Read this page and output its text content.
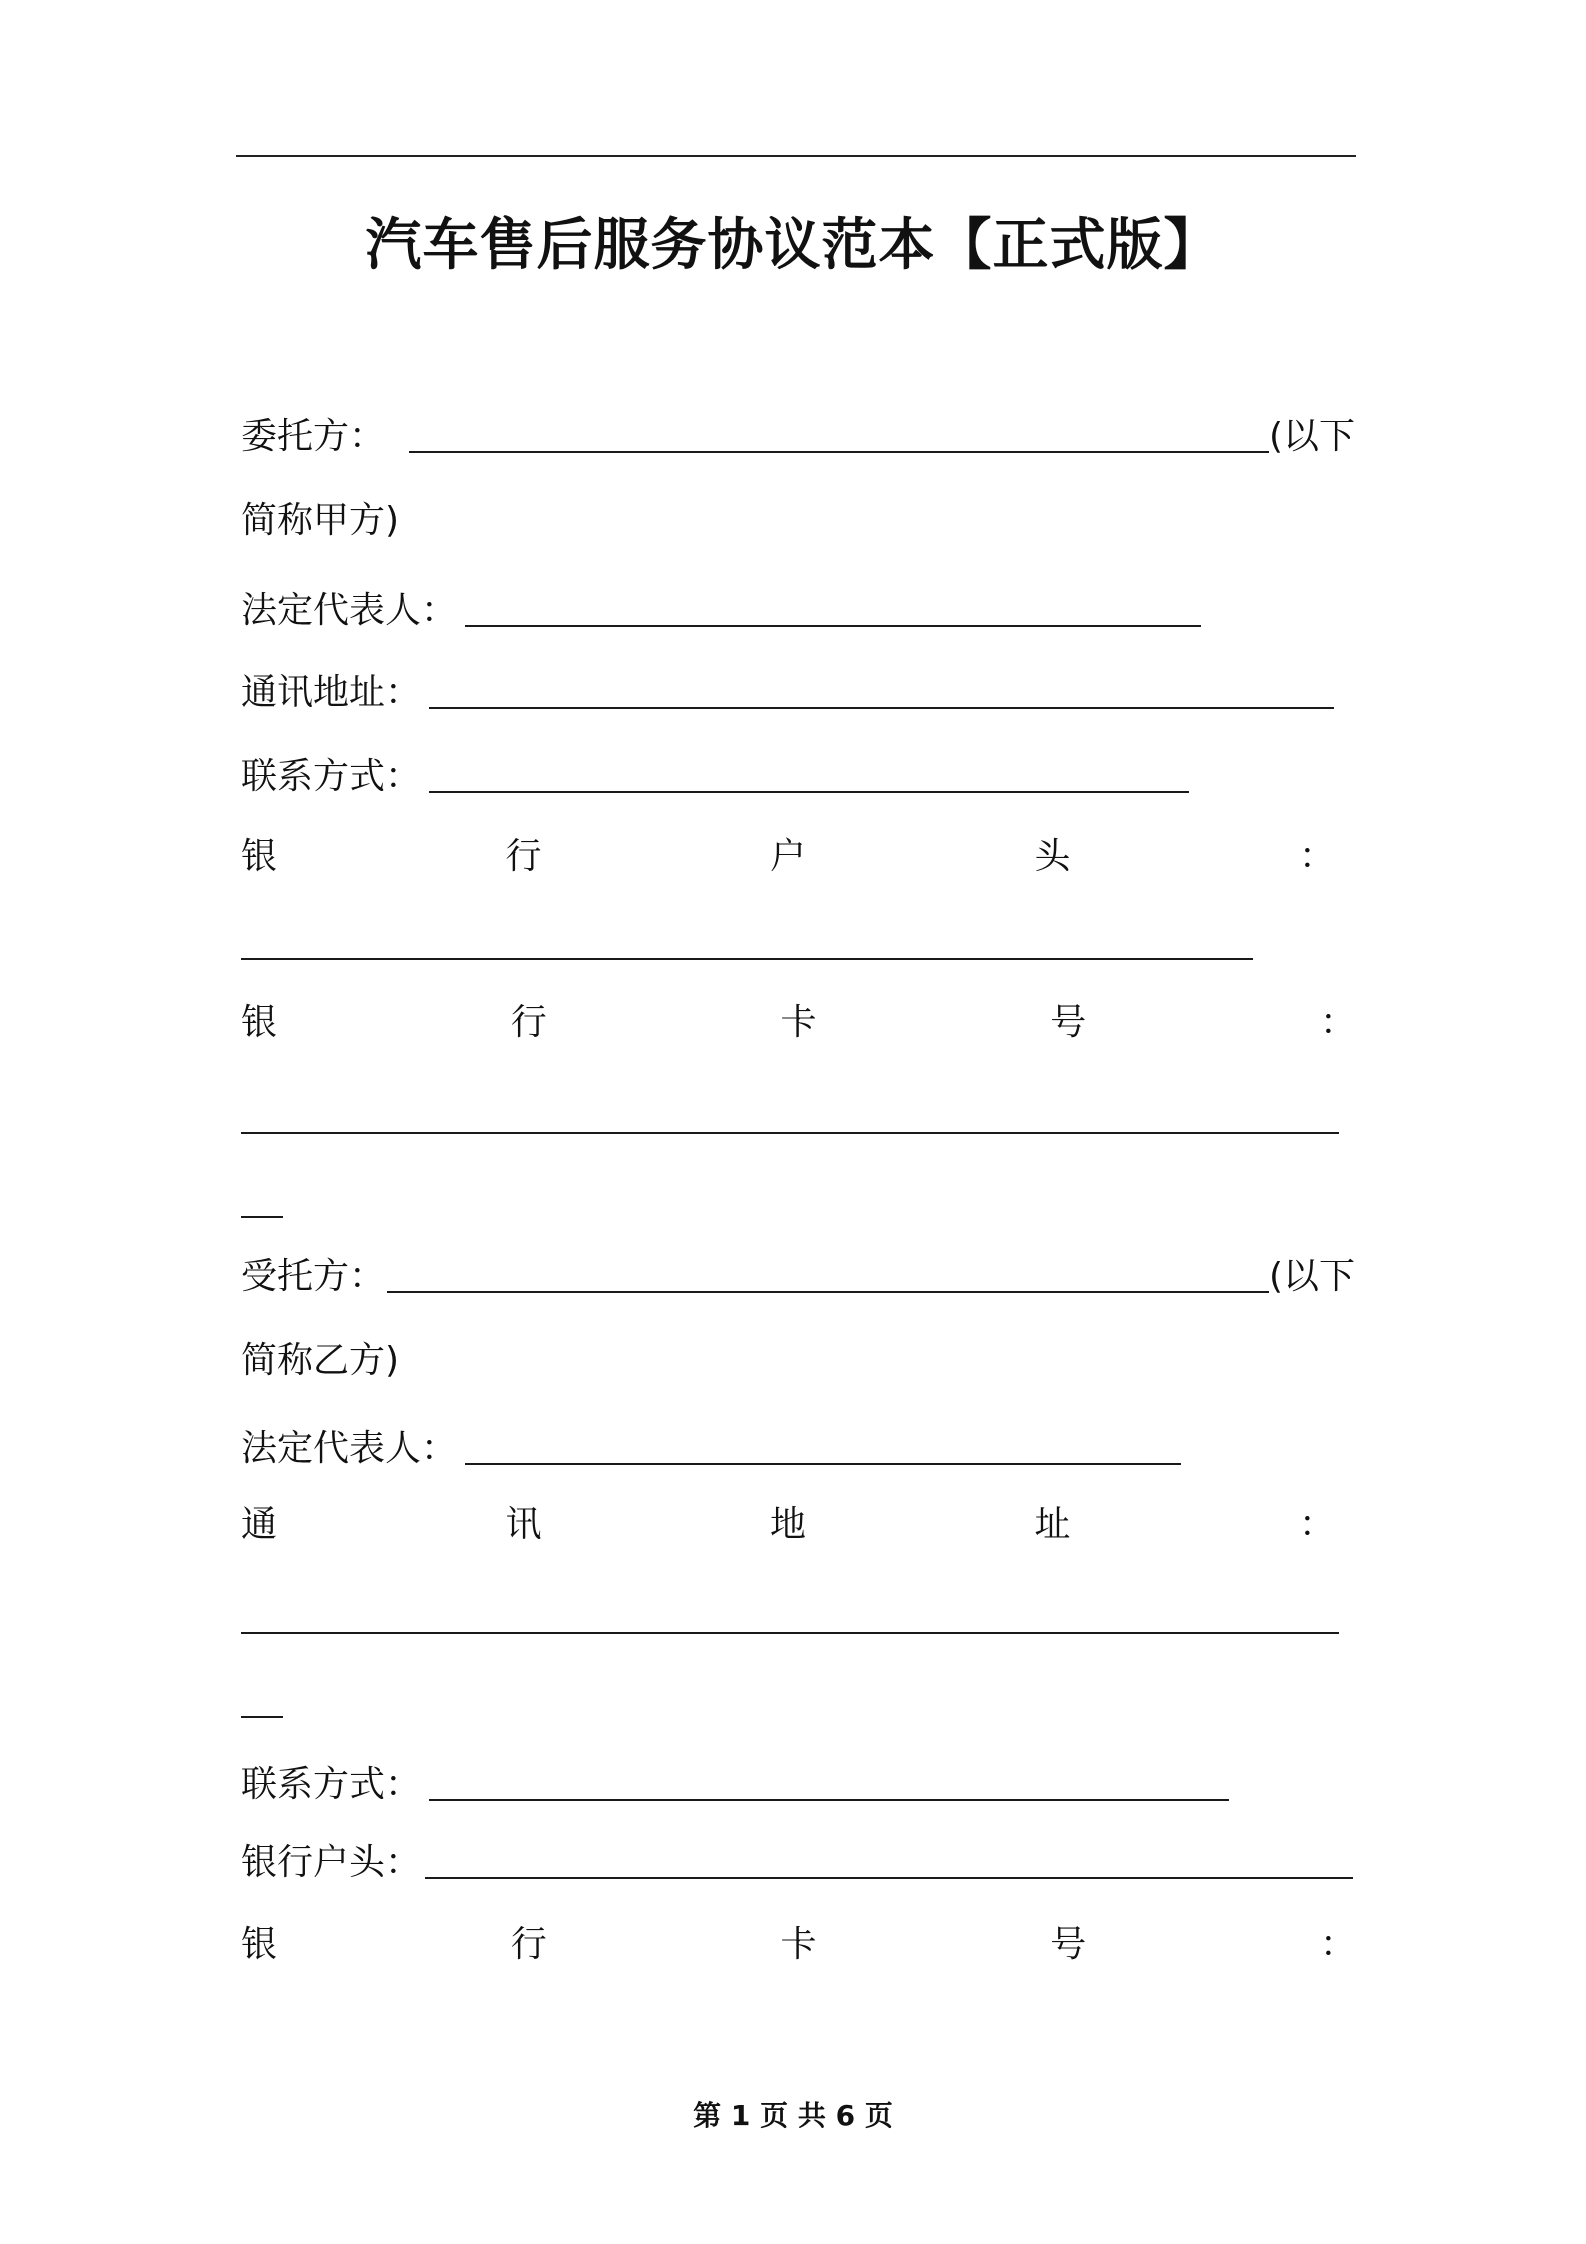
汽车售后服务协议范本【正式版】
委托方：	(以下
简称甲方)
法定代表人：
通讯地址：
联系方式：
银	行	户	头	：
银	行	卡	号	：
受托方：	(以下
简称乙方)
法定代表人：
通	讯	地	址	：
联系方式：
银行户头：
银	行	卡	号	：
第 1 页 共 6 页
